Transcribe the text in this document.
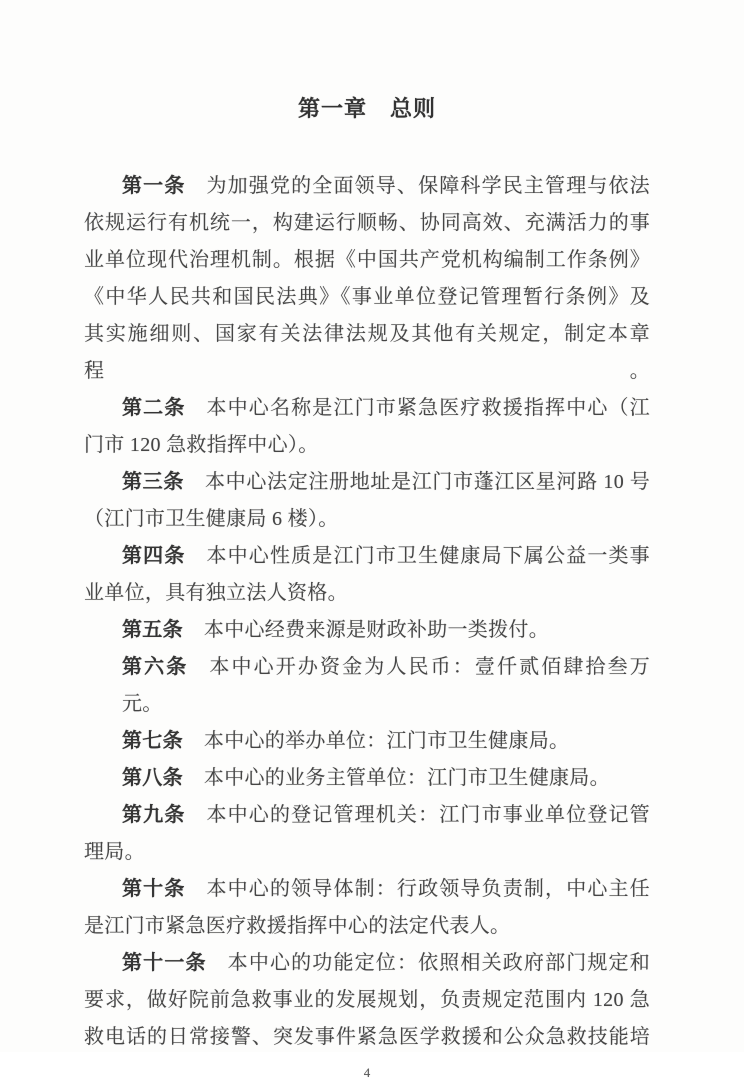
第一章　总则
第一条 为加强党的全面领导、保障科学民主管理与依法
依规运行有机统一，构建运行顺畅、协同高效、充满活力的事
业单位现代治理机制。根据《中国共产党机构编制工作条例》
《中华人民共和国民法典》《事业单位登记管理暂行条例》及
其实施细则、国家有关法律法规及其他有关规定，制定本章程。
第二条 本中心名称是江门市紧急医疗救援指挥中心（江
门市 120 急救指挥中心）。
第三条 本中心法定注册地址是江门市蓬江区星河路 10 号
（江门市卫生健康局 6 楼）。
第四条 本中心性质是江门市卫生健康局下属公益一类事
业单位，具有独立法人资格。
第五条 本中心经费来源是财政补助一类拨付。
第六条 本中心开办资金为人民币：壹仟贰佰肆拾叁万元。
第七条 本中心的举办单位：江门市卫生健康局。
第八条 本中心的业务主管单位：江门市卫生健康局。
第九条 本中心的登记管理机关：江门市事业单位登记管
理局。
第十条 本中心的领导体制：行政领导负责制，中心主任
是江门市紧急医疗救援指挥中心的法定代表人。
第十一条 本中心的功能定位：依照相关政府部门规定和
要求，做好院前急救事业的发展规划，负责规定范围内 120 急
救电话的日常接警、突发事件紧急医学救援和公众急救技能培
4
